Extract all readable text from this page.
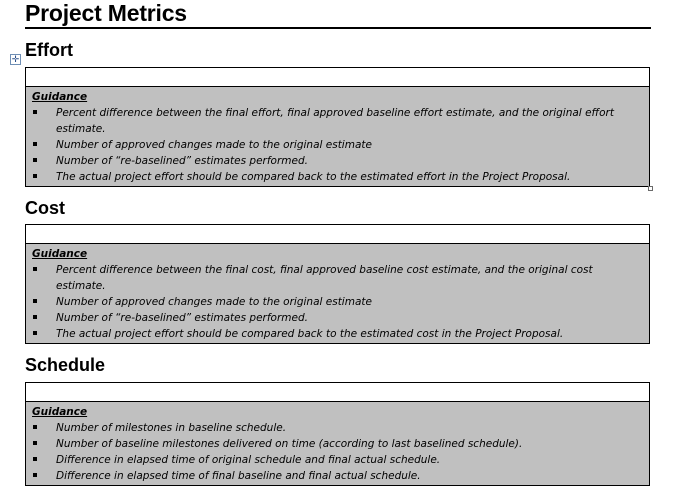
Project Metrics
✛ Effort
Guidance
Percent difference between the final effort, final approved baseline effort estimate, and the original effort estimate.
Number of approved changes made to the original estimate
Number of “re-baselined” estimates performed.
The actual project effort should be compared back to the estimated effort in the Project Proposal.
Cost
Guidance
Percent difference between the final cost, final approved baseline cost estimate, and the original cost estimate.
Number of approved changes made to the original estimate
Number of “re-baselined” estimates performed.
The actual project effort should be compared back to the estimated cost in the Project Proposal.
Schedule
Guidance
Number of milestones in baseline schedule.
Number of baseline milestones delivered on time (according to last baselined schedule).
Difference in elapsed time of original schedule and final actual schedule.
Difference in elapsed time of final baseline and final actual schedule.
